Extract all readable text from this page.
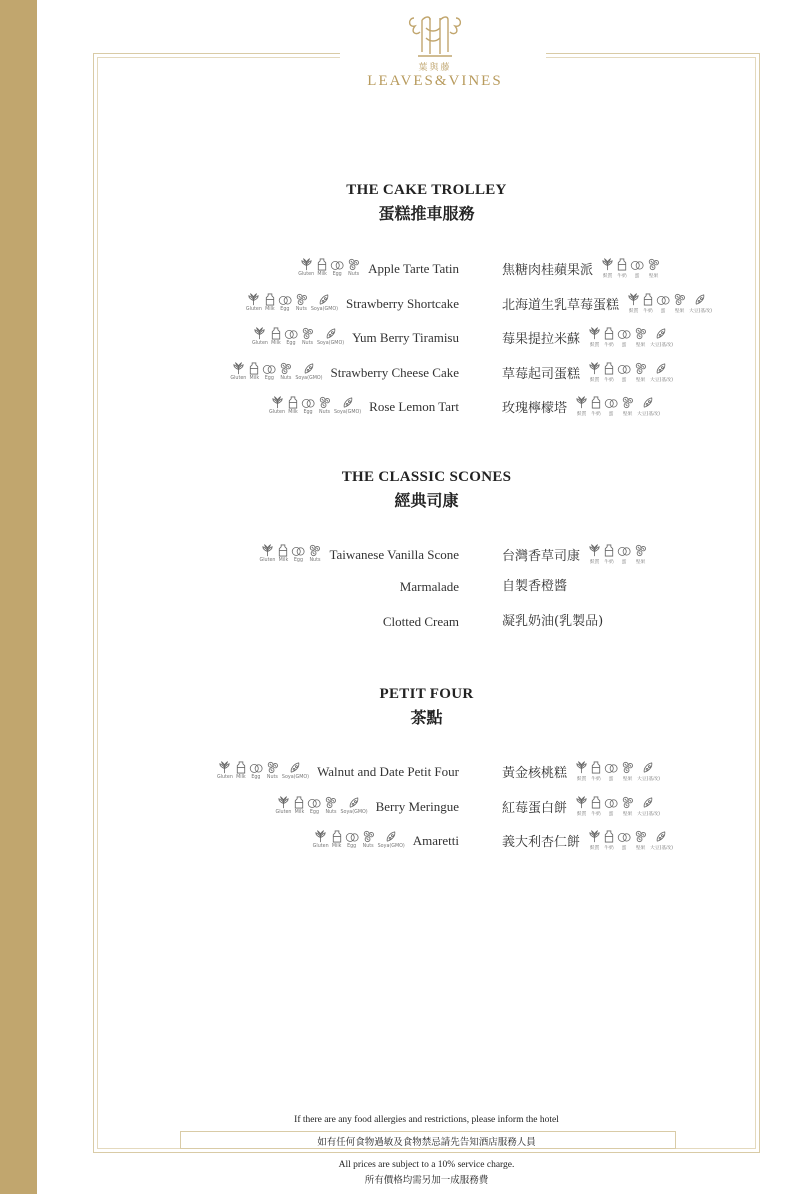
葉與藤
LEAVES&VINES
THE CAKE TROLLEY
蛋糕推車服務
Gluten Milk Egg Nuts Apple Tarte Tatin	焦糖肉桂蘋果派 麩質 牛奶 蛋 堅果
Gluten Milk Egg Nuts Soya(GMO) Strawberry Shortcake	北海道生乳草莓蛋糕 麩質 牛奶 蛋 堅果 大豆(基改)
Gluten Milk Egg Nuts Soya(GMO) Yum Berry Tiramisu	莓果提拉米蘇 麩質 牛奶 蛋 堅果 大豆(基改)
Gluten Milk Egg Nuts Soya(GMO) Strawberry Cheese Cake	草莓起司蛋糕 麩質 牛奶 蛋 堅果 大豆(基改)
Gluten Milk Egg Nuts Soya(GMO) Rose Lemon Tart	玫瑰檸檬塔 麩質 牛奶 蛋 堅果 大豆(基改)
THE CLASSIC SCONES
經典司康
Gluten Milk Egg Nuts Taiwanese Vanilla Scone	台灣香草司康 麩質 牛奶 蛋 堅果
Marmalade	自製香橙醬
Clotted Cream	凝乳奶油(乳製品)
PETIT FOUR
茶點
Gluten Milk Egg Nuts Soya(GMO) Walnut and Date Petit Four	黃金核桃糕 麩質 牛奶 蛋 堅果 大豆(基改)
Gluten Milk Egg Nuts Soya(GMO) Berry Meringue	紅莓蛋白餅 麩質 牛奶 蛋 堅果 大豆(基改)
Gluten Milk Egg Nuts Soya(GMO) Amaretti	義大利杏仁餅 麩質 牛奶 蛋 堅果 大豆(基改)
If there are any food allergies and restrictions, please inform the hotel
如有任何食物過敏及食物禁忌請先告知酒店服務人員
All prices are subject to a 10% service charge.
所有價格均需另加一成服務費
